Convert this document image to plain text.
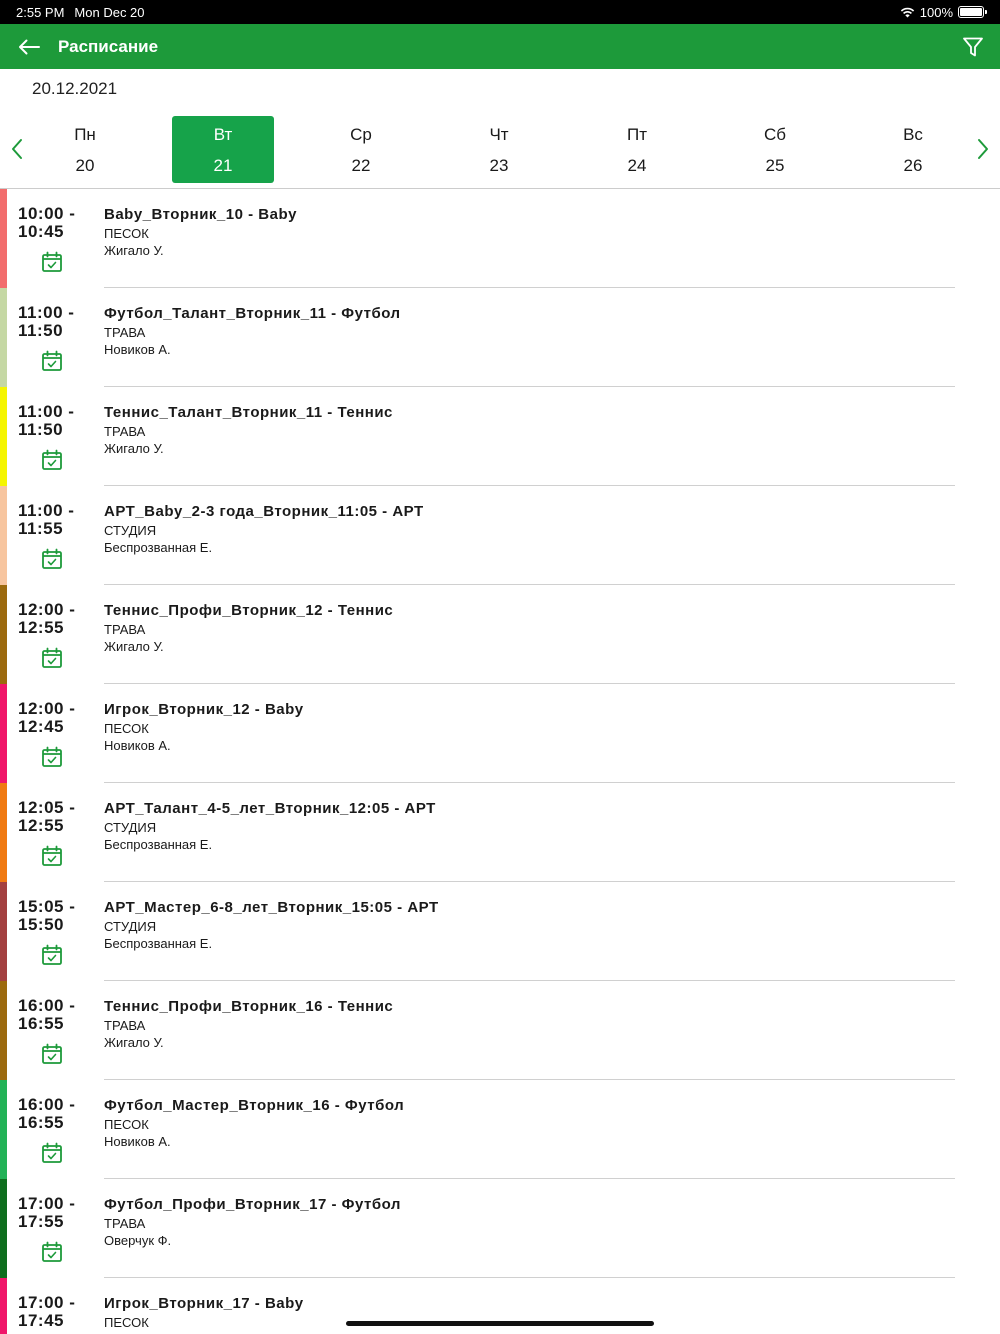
2:55 PM Mon Dec 20	100%
Расписание
20.12.2021
Пн
20
Вт
21
Ср
22
Чт
23
Пт
24
Сб
25
Вс
26
10:00 -
10:45
Baby_Вторник_10 - Baby
ПЕСОК
Жигало У.
11:00 -
11:50
Футбол_Талант_Вторник_11 - Футбол
ТРАВА
Новиков А.
11:00 -
11:50
Теннис_Талант_Вторник_11 - Теннис
ТРАВА
Жигало У.
11:00 -
11:55
АРТ_Baby_2-3 года_Вторник_11:05 - АРТ
СТУДИЯ
Беспрозванная Е.
12:00 -
12:55
Теннис_Профи_Вторник_12 - Теннис
ТРАВА
Жигало У.
12:00 -
12:45
Игрок_Вторник_12 - Baby
ПЕСОК
Новиков А.
12:05 -
12:55
АРТ_Талант_4-5_лет_Вторник_12:05 - АРТ
СТУДИЯ
Беспрозванная Е.
15:05 -
15:50
АРТ_Мастер_6-8_лет_Вторник_15:05 - АРТ
СТУДИЯ
Беспрозванная Е.
16:00 -
16:55
Теннис_Профи_Вторник_16 - Теннис
ТРАВА
Жигало У.
16:00 -
16:55
Футбол_Мастер_Вторник_16 - Футбол
ПЕСОК
Новиков А.
17:00 -
17:55
Футбол_Профи_Вторник_17 - Футбол
ТРАВА
Оверчук Ф.
17:00 -
17:45
Игрок_Вторник_17 - Baby
ПЕСОК
